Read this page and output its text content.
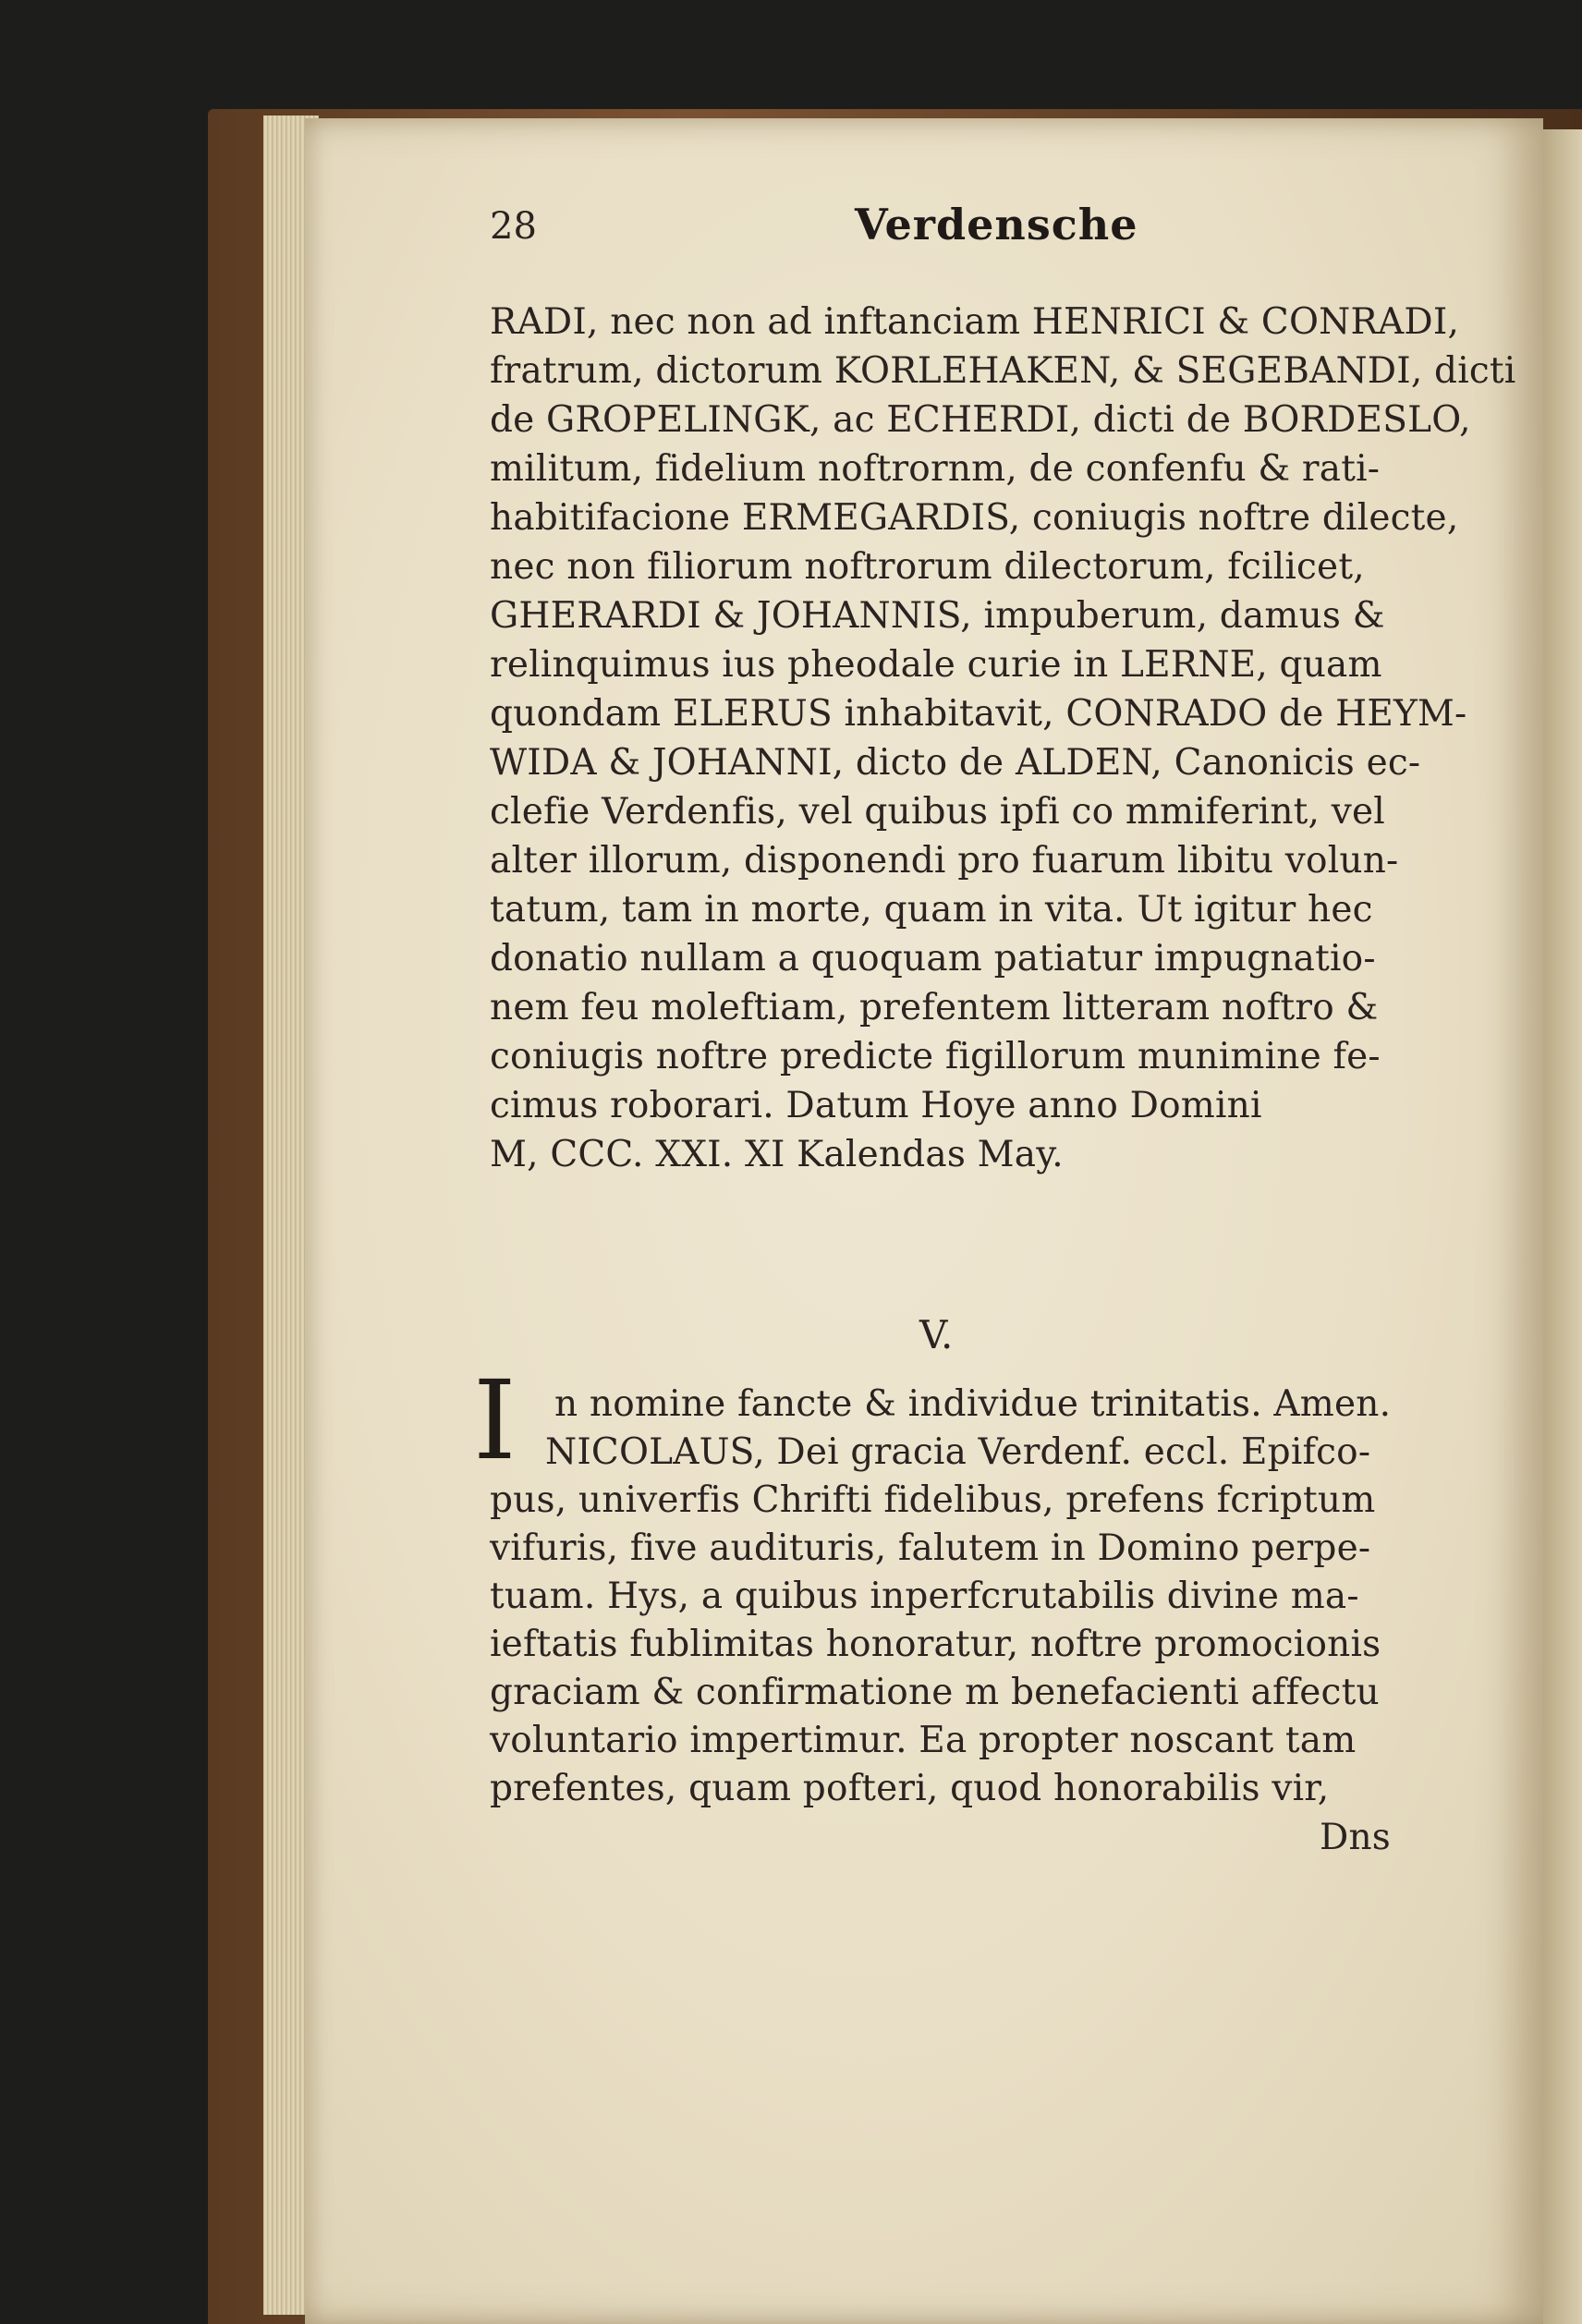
28	Verdensche
RADI, nec non ad inftanciam HENRICI & CONRADI,
fratrum, dictorum KORLEHAKEN, & SEGEBANDI, dicti
de GROPELINGK, ac ECHERDI, dicti de BORDESLO,
militum, fidelium noftrornm, de confenfu & rati-
habitifacione ERMEGARDIS, coniugis noftre dilecte,
nec non filiorum noftrorum dilectorum, fcilicet,
GHERARDI & JOHANNIS, impuberum, damus &
relinquimus ius pheodale curie in LERNE, quam
quondam ELERUS inhabitavit, CONRADO de HEYM-
WIDA & JOHANNI, dicto de ALDEN, Canonicis ec-
clefie Verdenfis, vel quibus ipfi co mmiferint, vel
alter illorum, disponendi pro fuarum libitu volun-
tatum, tam in morte, quam in vita. Ut igitur hec
donatio nullam a quoquam patiatur impugnatio-
nem feu moleftiam, prefentem litteram noftro &
coniugis noftre predicte figillorum munimine fe-
cimus roborari. Datum Hoye anno Domini
M, CCC. XXI. XI Kalendas May.
V.
I n nomine fancte & individue trinitatis. Amen.
NICOLAUS, Dei gracia Verdenf. eccl. Epifco-
pus, univerfis Chrifti fidelibus, prefens fcriptum
vifuris, five audituris, falutem in Domino perpe-
tuam. Hys, a quibus inperfcrutabilis divine ma-
ieftatis fublimitas honoratur, noftre promocionis
graciam & confirmatione m benefacienti affectu
voluntario impertimur. Ea propter noscant tam
prefentes, quam pofteri, quod honorabilis vir,
Dns
